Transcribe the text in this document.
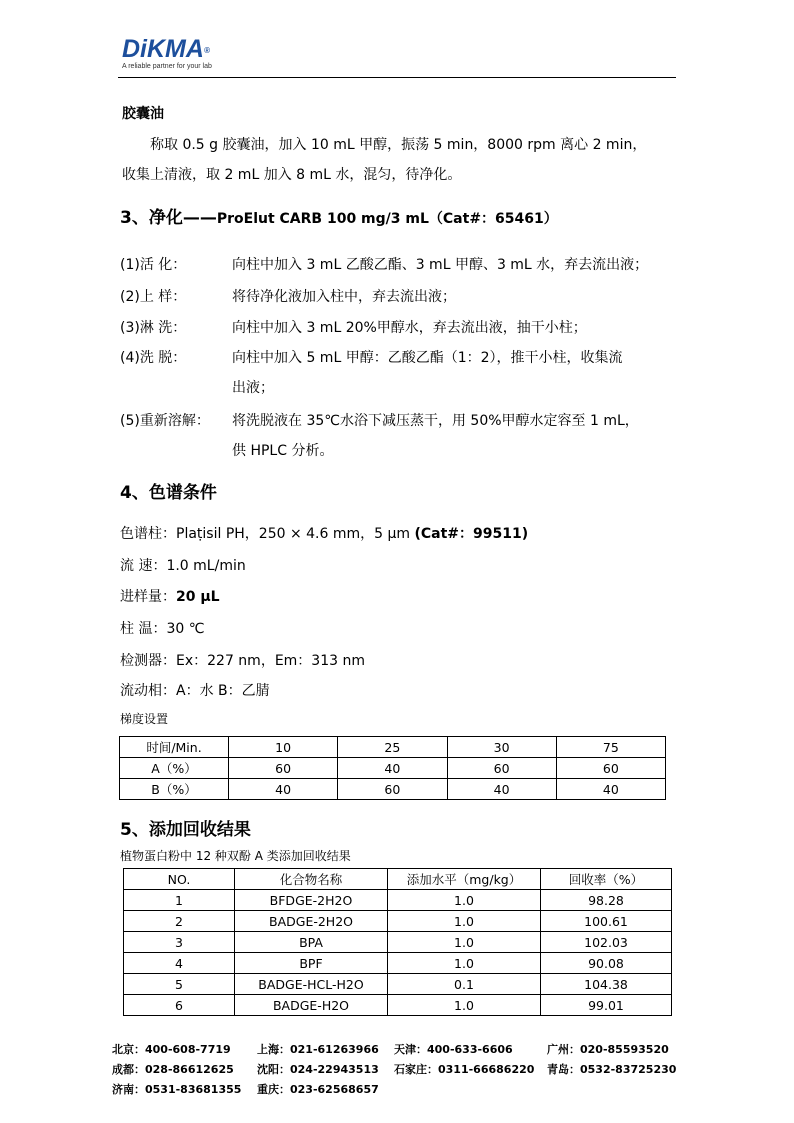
DiKMA®
A reliable partner for your lab
胶囊油
称取 0.5 g 胶囊油，加入 10 mL 甲醇，振荡 5 min，8000 rpm 离心 2 min，
收集上清液，取 2 mL 加入 8 mL 水，混匀，待净化。
3、净化——ProElut CARB 100 mg/3 mL（Cat#：65461）
(1)活 化：	向柱中加入 3 mL 乙酸乙酯、3 mL 甲醇、3 mL 水，弃去流出液；
(2)上 样：	将待净化液加入柱中，弃去流出液；
(3)淋 洗：	向柱中加入 3 mL 20%甲醇水，弃去流出液，抽干小柱；
(4)洗 脱：	向柱中加入 5 mL 甲醇：乙酸乙酯（1：2），推干小柱，收集流
出液；
(5)重新溶解： 将洗脱液在 35℃水浴下减压蒸干，用 50%甲醇水定容至 1 mL，
供 HPLC 分析。
4、色谱条件
色谱柱：Plaṭisil PH，250 × 4.6 mm，5 μm (Cat#：99511)
流 速：1.0 mL/min
进样量：20 μL
柱 温：30 ℃
检测器：Ex：227 nm，Em：313 nm
流动相：A：水 B：乙腈
梯度设置
时间/Min.	10	25	30	75
A（%）	60	40	60	60
B（%）	40	60	40	40
5、添加回收结果
植物蛋白粉中 12 种双酚 A 类添加回收结果
NO.	化合物名称	添加水平（mg/kg）	回收率（%）
1	BFDGE-2H2O	1.0	98.28
2	BADGE-2H2O	1.0	100.61
3	BPA	1.0	102.03
4	BPF	1.0	90.08
5	BADGE-HCL-H2O	0.1	104.38
6	BADGE-H2O	1.0	99.01
北京：400-608-7719 上海：021-61263966 天津：400-633-6606	广州：020-85593520
成都：028-86612625 沈阳：024-22943513 石家庄：0311-66686220 青岛：0532-83725230
济南：0531-83681355 重庆：023-62568657
